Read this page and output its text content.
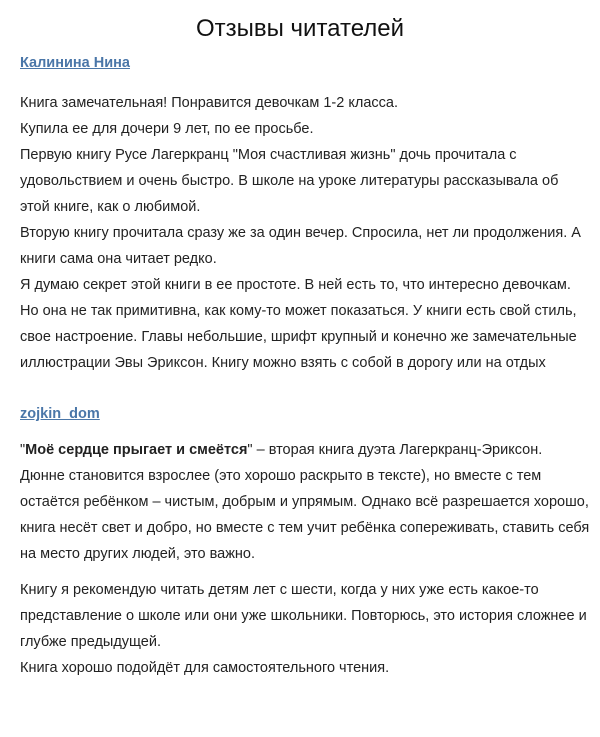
Отзывы читателей
Калинина Нина

Книга замечательная! Понравится девочкам 1-2 класса.

Купила ее для дочери 9 лет, по ее просьбе.

Первую книгу Русе Лагеркранц "Моя счастливая жизнь" дочь прочитала с удовольствием и очень быстро. В школе на уроке литературы рассказывала об этой книге, как о любимой.

Вторую книгу прочитала сразу же за один вечер. Спросила, нет ли продолжения. А книги сама она читает редко.

Я думаю секрет этой книги в ее простоте. В ней есть то, что интересно девочкам. Но она не так примитивна, как кому-то может показаться. У книги есть свой стиль, свое настроение. Главы небольшие, шрифт крупный и конечно же замечательные иллюстрации Эвы Эриксон. Книгу можно взять с собой в дорогу или на отдых

zojkin_dom

"Моё сердце прыгает и смеётся" – вторая книга дуэта Лагеркранц-Эриксон. Дюнне становится взрослее (это хорошо раскрыто в тексте), но вместе с тем остаётся ребёнком – чистым, добрым и упрямым. Однако всё разрешается хорошо, книга несёт свет и добро, но вместе с тем учит ребёнка сопереживать, ставить себя на место других людей, это важно.

Книгу я рекомендую читать детям лет с шести, когда у них уже есть какое-то представление о школе или они уже школьники. Повторюсь, это история сложнее и глубже предыдущей.

Книга хорошо подойдёт для самостоятельного чтения.
